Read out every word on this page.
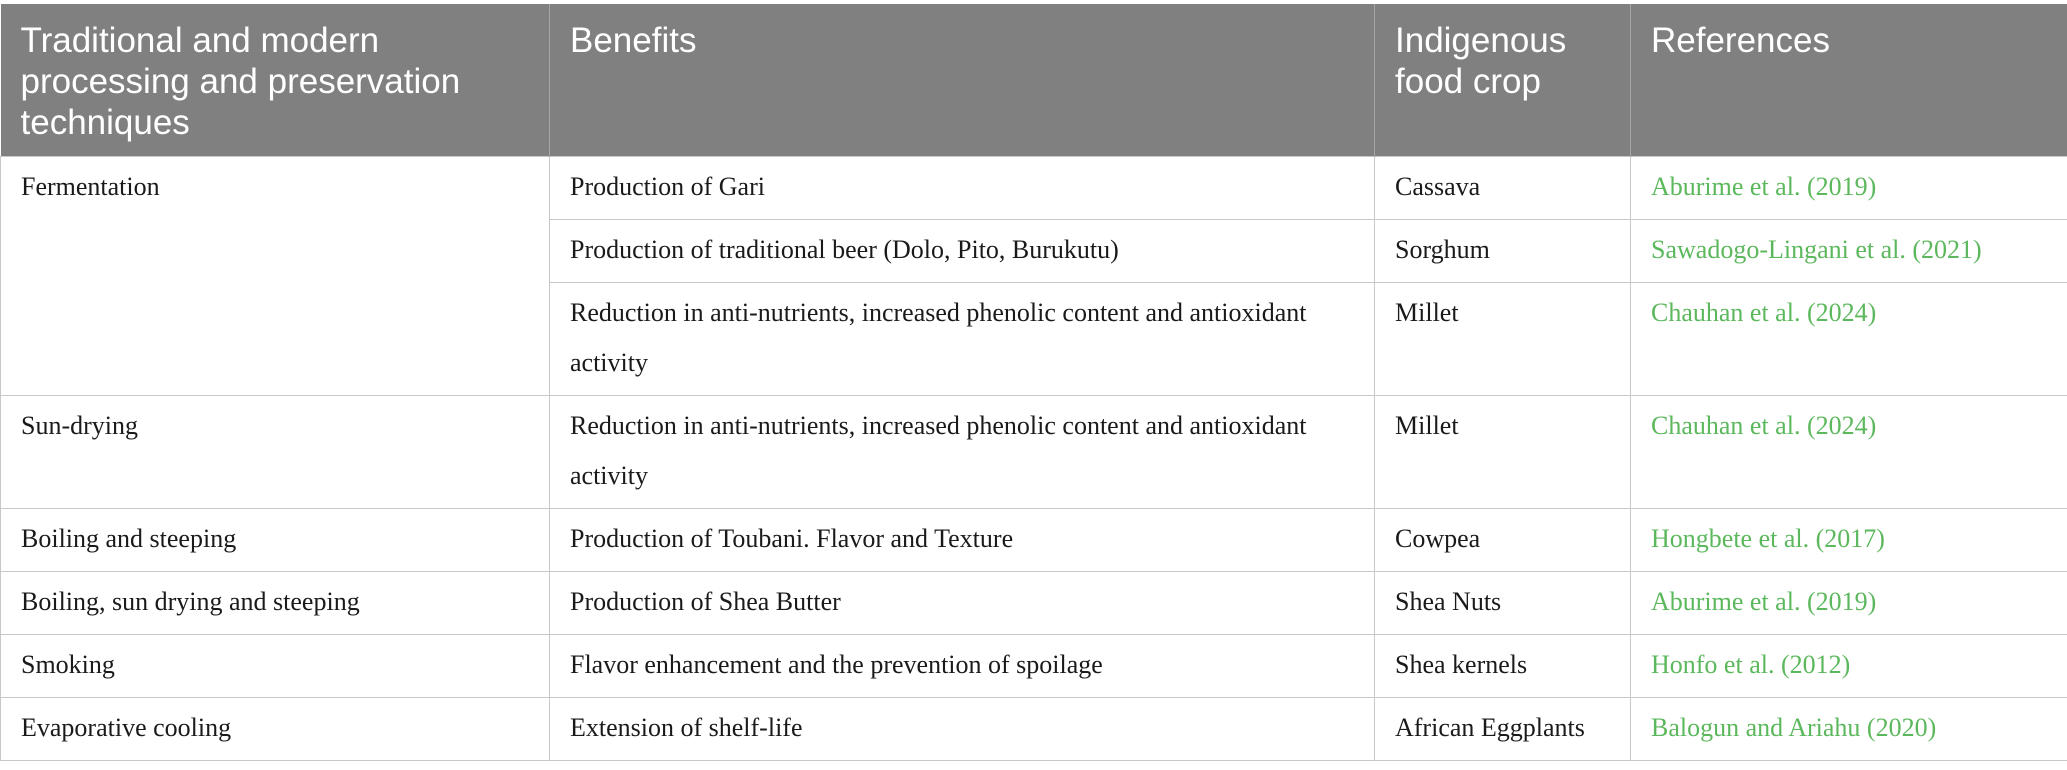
Traditional and modern processing and preservation techniques	Benefits	Indigenous food crop	References
Fermentation	Production of Gari	Cassava	Aburime et al. (2019)
	Production of traditional beer (Dolo, Pito, Burukutu)	Sorghum	Sawadogo-Lingani et al. (2021)
	Reduction in anti-nutrients, increased phenolic content and antioxidant activity	Millet	Chauhan et al. (2024)
Sun-drying	Reduction in anti-nutrients, increased phenolic content and antioxidant activity	Millet	Chauhan et al. (2024)
Boiling and steeping	Production of Toubani. Flavor and Texture	Cowpea	Hongbete et al. (2017)
Boiling, sun drying and steeping	Production of Shea Butter	Shea Nuts	Aburime et al. (2019)
Smoking	Flavor enhancement and the prevention of spoilage	Shea kernels	Honfo et al. (2012)
Evaporative cooling	Extension of shelf-life	African Eggplants	Balogun and Ariahu (2020)
